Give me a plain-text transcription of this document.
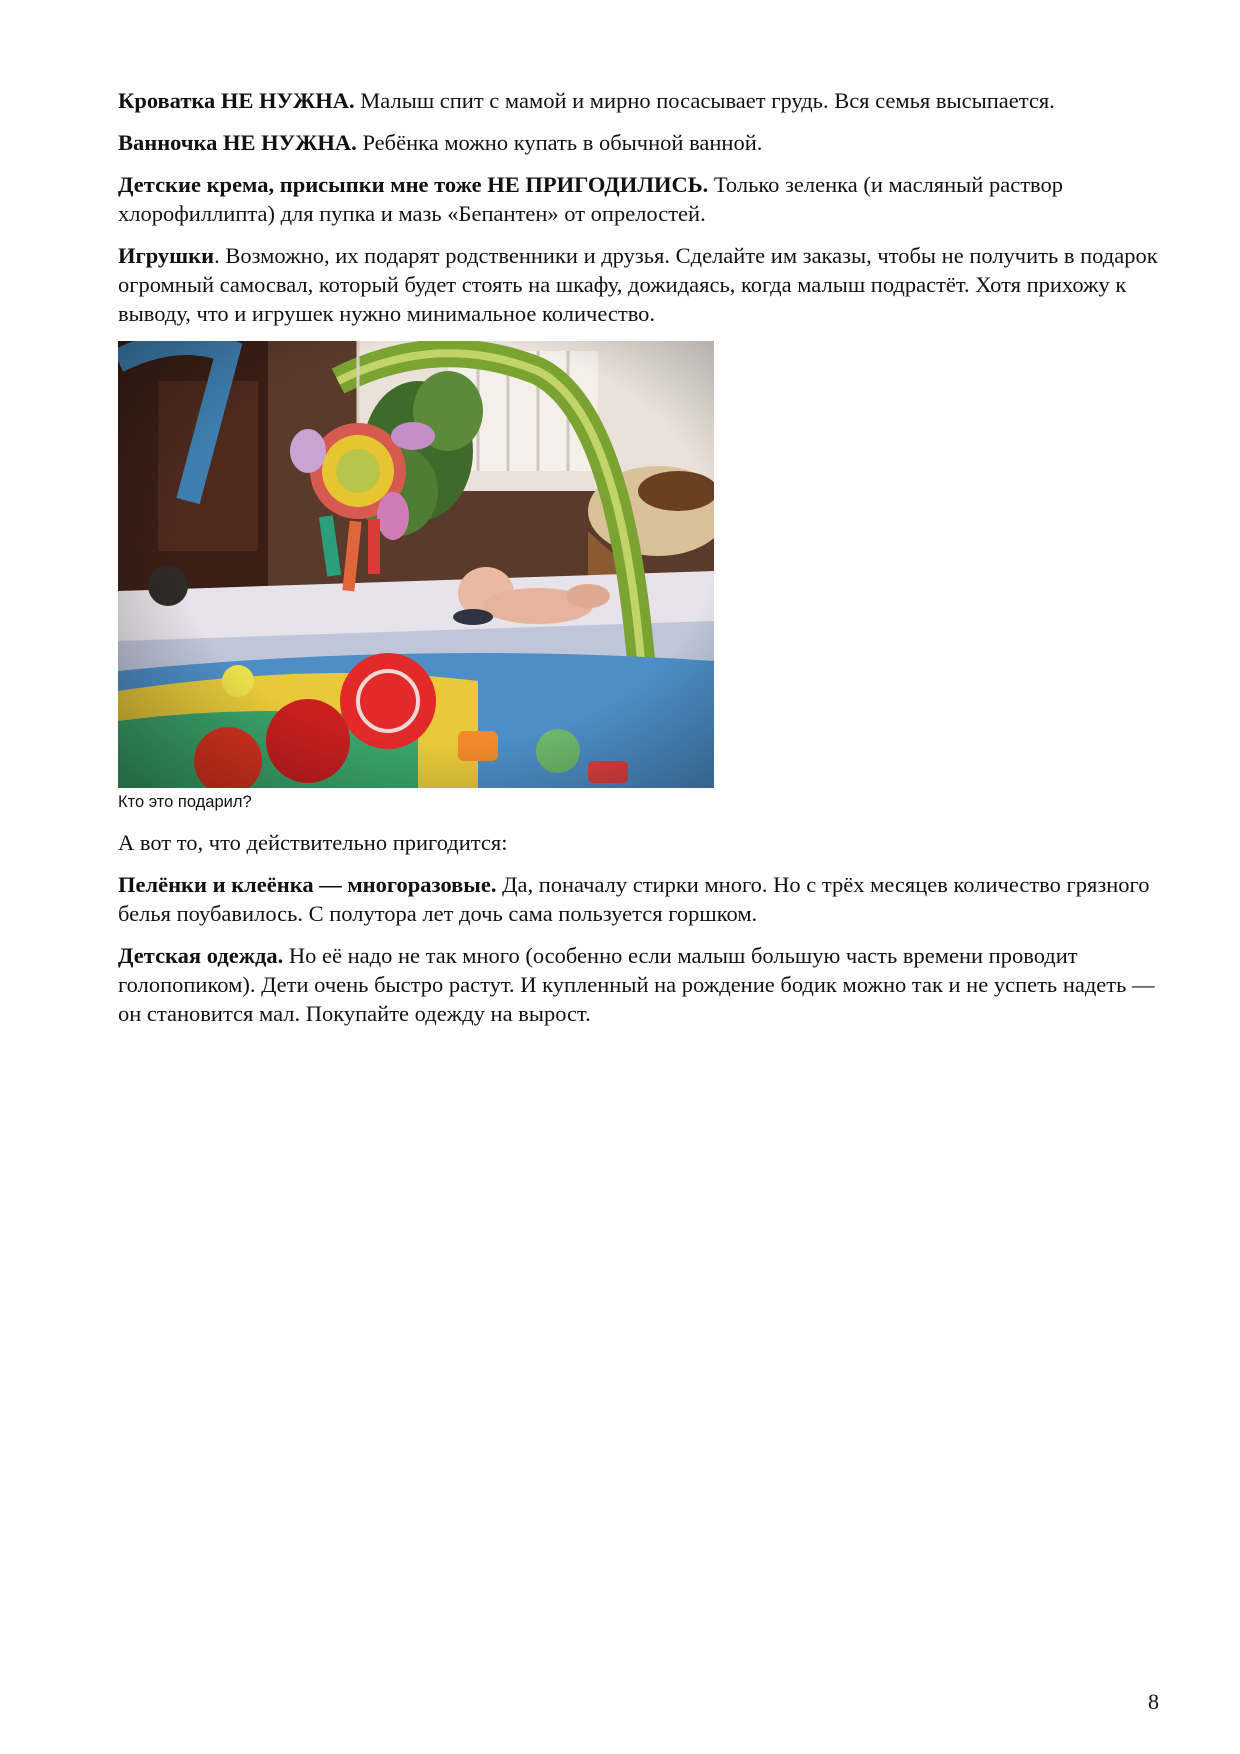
Кроватка НЕ НУЖНА. Малыш спит с мамой и мирно посасывает грудь. Вся семья высыпается.

Ванночка НЕ НУЖНА. Ребёнка можно купать в обычной ванной.

Детские крема, присыпки мне тоже НЕ ПРИГОДИЛИСЬ. Только зеленка (и масляный раствор хлорофиллипта) для пупка и мазь «Бепантен» от опрелостей.

Игрушки. Возможно, их подарят родственники и друзья. Сделайте им заказы, чтобы не получить в подарок огромный самосвал, который будет стоять на шкафу, дожидаясь, когда малыш подрастёт. Хотя прихожу к выводу, что и игрушек нужно минимальное количество.

Кто это подарил?

А вот то, что действительно пригодится:

Пелёнки и клеёнка — многоразовые. Да, поначалу стирки много. Но с трёх месяцев количество грязного белья поубавилось. С полутора лет дочь сама пользуется горшком.

Детская одежда. Но её надо не так много (особенно если малыш большую часть времени проводит голопопиком). Дети очень быстро растут. И купленный на рождение бодик можно так и не успеть надеть — он становится мал. Покупайте одежду на вырост.

8
